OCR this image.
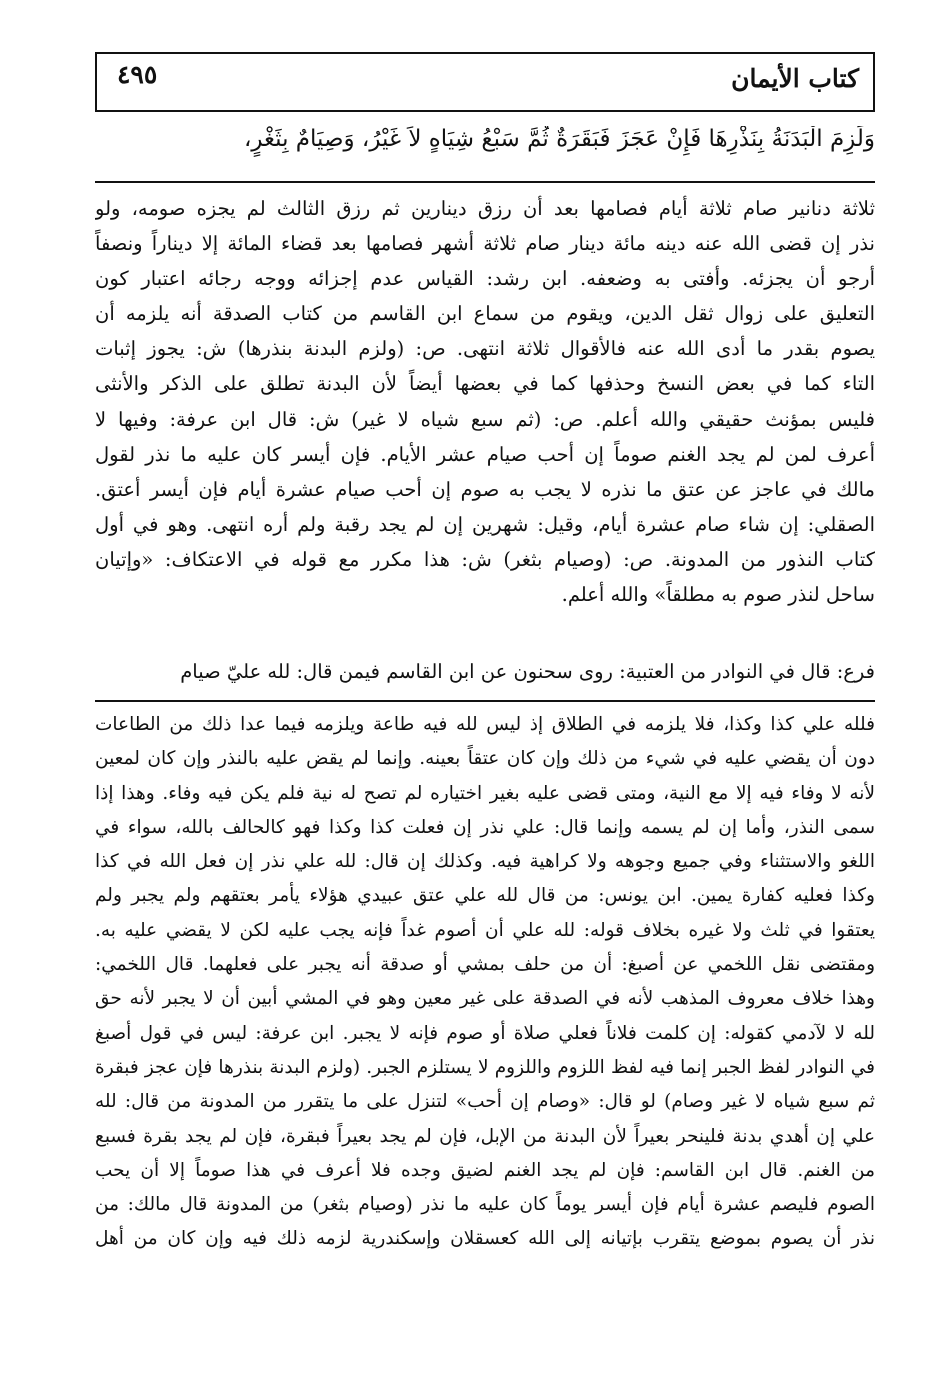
كتاب الأيمان
٤٩٥
وَلَزِمَ الْبَدَنَةُ بِنَذْرِهَا فَإِنْ عَجَزَ فَبَقَرَةٌ ثُمَّ سَبْعُ شِيَاهٍ لاَ غَيْرُ، وَصِيَامٌ بِثَغْرٍ،
ثلاثة دنانير صام ثلاثة أيام فصامها بعد أن رزق دينارين ثم رزق الثالث لم يجزه صومه، ولو
نذر إن قضى الله عنه دينه مائة دينار صام ثلاثة أشهر فصامها بعد قضاء المائة إلا ديناراً ونصفاً
أرجو أن يجزئه. وأفتى به وضعفه. ابن رشد: القياس عدم إجزائه ووجه رجائه اعتبار كون
التعليق على زوال ثقل الدين، ويقوم من سماع ابن القاسم من كتاب الصدقة أنه يلزمه أن
يصوم بقدر ما أدى الله عنه فالأقوال ثلاثة انتهى. ص: (ولزم البدنة بنذرها) ش: يجوز إثبات
التاء كما في بعض النسخ وحذفها كما في بعضها أيضاً لأن البدنة تطلق على الذكر والأنثى
فليس بمؤنث حقيقي والله أعلم. ص: (ثم سبع شياه لا غير) ش: قال ابن عرفة: وفيها لا
أعرف لمن لم يجد الغنم صوماً إن أحب صيام عشر الأيام. فإن أيسر كان عليه ما نذر لقول
مالك في عاجز عن عتق ما نذره لا يجب به صوم إن أحب صيام عشرة أيام فإن أيسر أعتق.
الصقلي: إن شاء صام عشرة أيام، وقيل: شهرين إن لم يجد رقبة ولم أره انتهى. وهو في أول
كتاب النذور من المدونة. ص: (وصيام بثغر) ش: هذا مكرر مع قوله في الاعتكاف: «وإتيان
ساحل لنذر صوم به مطلقاً» والله أعلم.
فرع: قال في النوادر من العتبية: روى سحنون عن ابن القاسم فيمن قال: لله عليّ صيام
فلله علي كذا وكذا، فلا يلزمه في الطلاق إذ ليس لله فيه طاعة ويلزمه فيما عدا ذلك من الطاعات
دون أن يقضي عليه في شيء من ذلك وإن كان عتقاً بعينه. وإنما لم يقض عليه بالنذر وإن كان لمعين
لأنه لا وفاء فيه إلا مع النية، ومتى قضى عليه بغير اختياره لم تصح له نية فلم يكن فيه وفاء. وهذا إذا
سمى النذر، وأما إن لم يسمه وإنما قال: علي نذر إن فعلت كذا وكذا فهو كالحالف بالله، سواء في
اللغو والاستثناء وفي جميع وجوهه ولا كراهية فيه. وكذلك إن قال: لله علي نذر إن فعل الله في كذا
وكذا فعليه كفارة يمين. ابن يونس: من قال لله علي عتق عبيدي هؤلاء يأمر بعتقهم ولم يجبر ولم
يعتقوا في ثلث ولا غيره بخلاف قوله: لله علي أن أصوم غداً فإنه يجب عليه لكن لا يقضي عليه به.
ومقتضى نقل اللخمي عن أصبغ: أن من حلف بمشي أو صدقة أنه يجبر على فعلهما. قال اللخمي:
وهذا خلاف معروف المذهب لأنه في الصدقة على غير معين وهو في المشي أبين أن لا يجبر لأنه حق
لله لا لآدمي كقوله: إن كلمت فلاناً فعلي صلاة أو صوم فإنه لا يجبر. ابن عرفة: ليس في قول أصبغ
في النوادر لفظ الجبر إنما فيه لفظ اللزوم واللزوم لا يستلزم الجبر. (ولزم البدنة بنذرها فإن عجز فبقرة
ثم سبع شياه لا غير وصام) لو قال: «وصام إن أحب» لتنزل على ما يتقرر من المدونة من قال: لله
علي إن أهدي بدنة فلينحر بعيراً لأن البدنة من الإبل، فإن لم يجد بعيراً فبقرة، فإن لم يجد بقرة فسبع
من الغنم. قال ابن القاسم: فإن لم يجد الغنم لضيق وجده فلا أعرف في هذا صوماً إلا أن يحب
الصوم فليصم عشرة أيام فإن أيسر يوماً كان عليه ما نذر (وصيام بثغر) من المدونة قال مالك: من
نذر أن يصوم بموضع يتقرب بإتيانه إلى الله كعسقلان وإسكندرية لزمه ذلك فيه وإن كان من أهل
